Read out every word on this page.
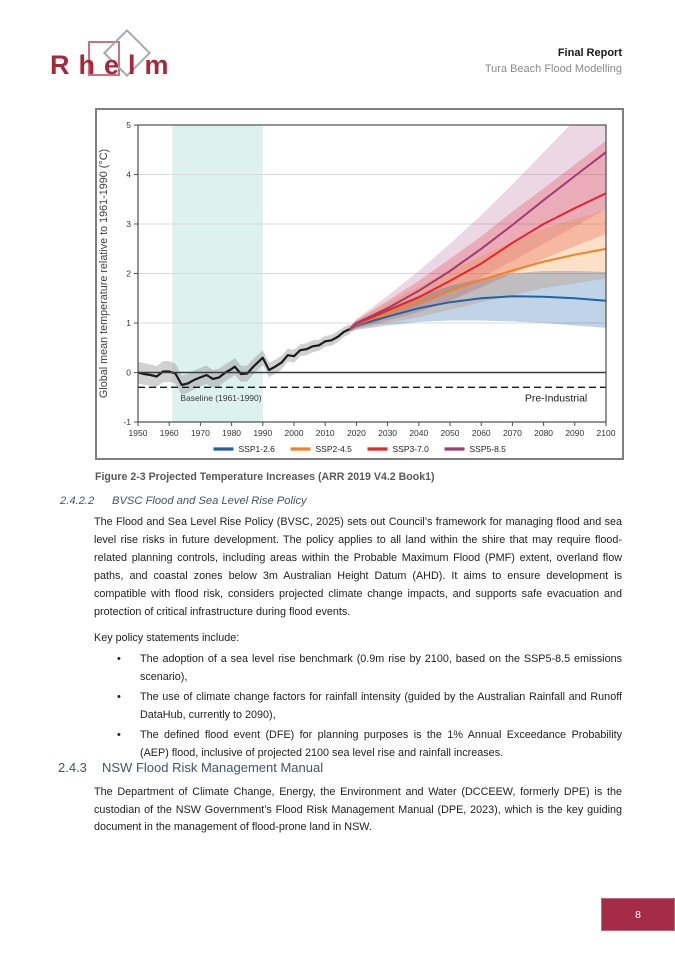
Rhelm	Final Report
Tura Beach Flood Modelling
-1
0
1
2
3
4
5
1950 1960 1970 1980 1990 2000 2010 2020 2030 2040 2050 2060 2070 2080 2090 2100
Baseline (1961-1990)	Pre-Industrial
Global mean temperature relative to 1961-1990 (°C)
SSP1-2.6	SSP2-4.5	SSP3-7.0	SSP5-8.5

Figure 2-3 Projected Temperature Increases (ARR 2019 V4.2 Book1)

2.4.2.2 BVSC Flood and Sea Level Rise Policy

The Flood and Sea Level Rise Policy (BVSC, 2025) sets out Council’s framework for managing flood and sea level rise risks in future development. The policy applies to all land within the shire that may require flood-related planning controls, including areas within the Probable Maximum Flood (PMF) extent, overland flow paths, and coastal zones below 3m Australian Height Datum (AHD). It aims to ensure development is compatible with flood risk, considers projected climate change impacts, and supports safe evacuation and protection of critical infrastructure during flood events.

Key policy statements include:

• The adoption of a sea level rise benchmark (0.9m rise by 2100, based on the SSP5-8.5 emissions scenario),
• The use of climate change factors for rainfall intensity (guided by the Australian Rainfall and Runoff DataHub, currently to 2090),
• The defined flood event (DFE) for planning purposes is the 1% Annual Exceedance Probability (AEP) flood, inclusive of projected 2100 sea level rise and rainfall increases.
2.4.3 NSW Flood Risk Management Manual

The Department of Climate Change, Energy, the Environment and Water (DCCEEW, formerly DPE) is the custodian of the NSW Government’s Flood Risk Management Manual (DPE, 2023), which is the key guiding document in the management of flood-prone land in NSW.

8
